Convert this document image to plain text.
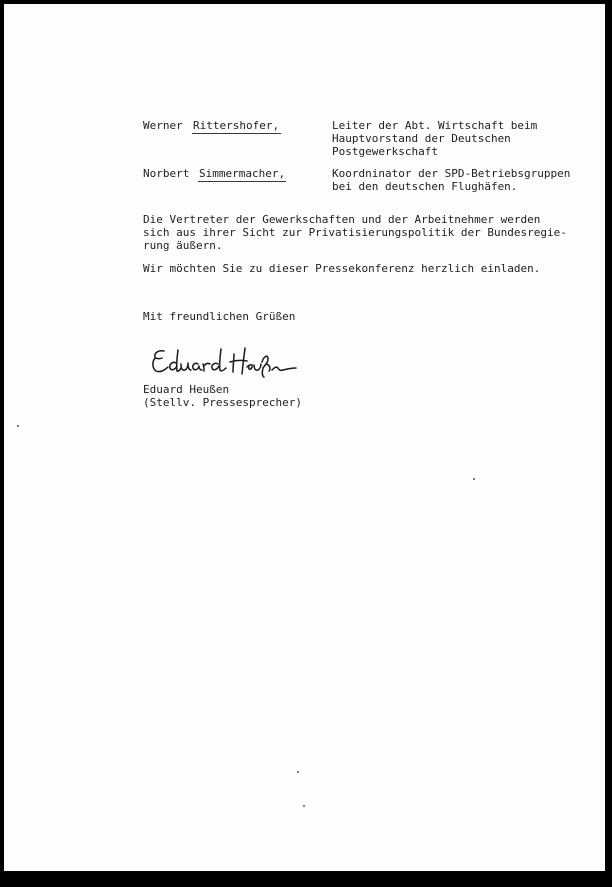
Werner Rittershofer,	Leiter der Abt. Wirtschaft beim
Hauptvorstand der Deutschen
Postgewerkschaft
Norbert Simmermacher,	Koordninator der SPD-Betriebsgruppen
bei den deutschen Flughäfen.
Die Vertreter der Gewerkschaften und der Arbeitnehmer werden
sich aus ihrer Sicht zur Privatisierungspolitik der Bundesregie-
rung äußern.
Wir möchten Sie zu dieser Pressekonferenz herzlich einladen.
Mit freundlichen Grüßen
Eduard Heußen
(Stellv. Pressesprecher)
